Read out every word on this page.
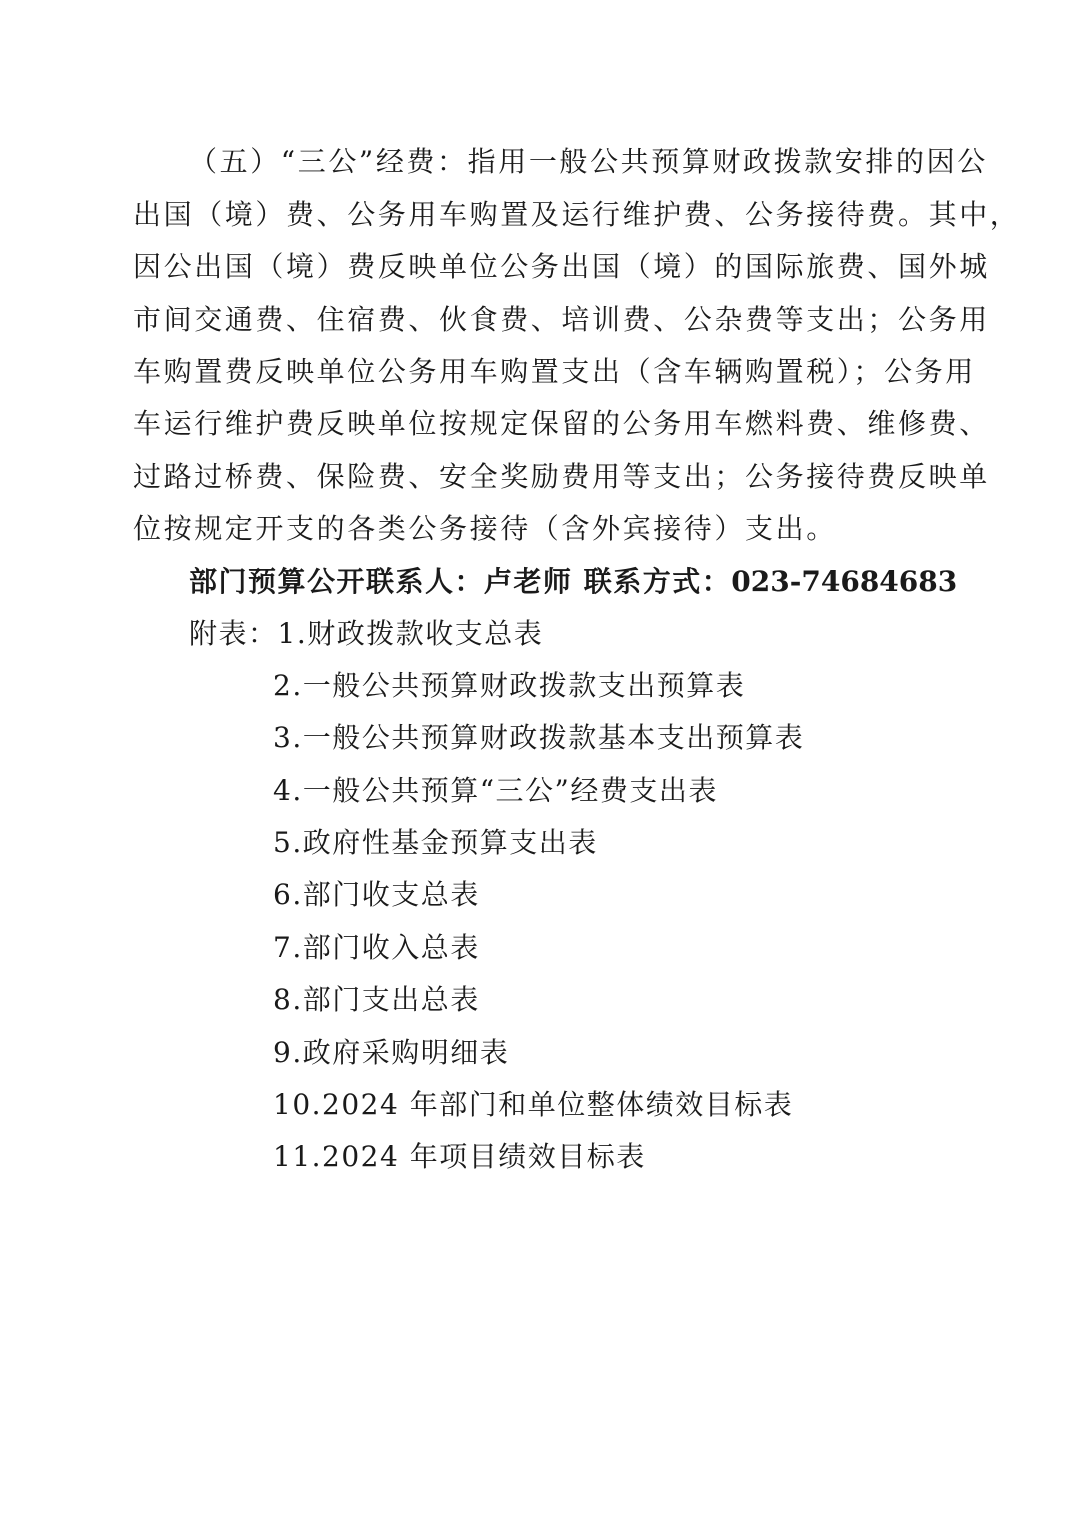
（五）“三公”经费：指用一般公共预算财政拨款安排的因公
出国（境）费、公务用车购置及运行维护费、公务接待费。其中，
因公出国（境）费反映单位公务出国（境）的国际旅费、国外城
市间交通费、住宿费、伙食费、培训费、公杂费等支出；公务用
车购置费反映单位公务用车购置支出（含车辆购置税）；公务用
车运行维护费反映单位按规定保留的公务用车燃料费、维修费、
过路过桥费、保险费、安全奖励费用等支出；公务接待费反映单
位按规定开支的各类公务接待（含外宾接待）支出。
部门预算公开联系人：卢老师 联系方式：023-74684683
附表：1.财政拨款收支总表
2.一般公共预算财政拨款支出预算表
3.一般公共预算财政拨款基本支出预算表
4.一般公共预算“三公”经费支出表
5.政府性基金预算支出表
6.部门收支总表
7.部门收入总表
8.部门支出总表
9.政府采购明细表
10.2024 年部门和单位整体绩效目标表
11.2024 年项目绩效目标表
